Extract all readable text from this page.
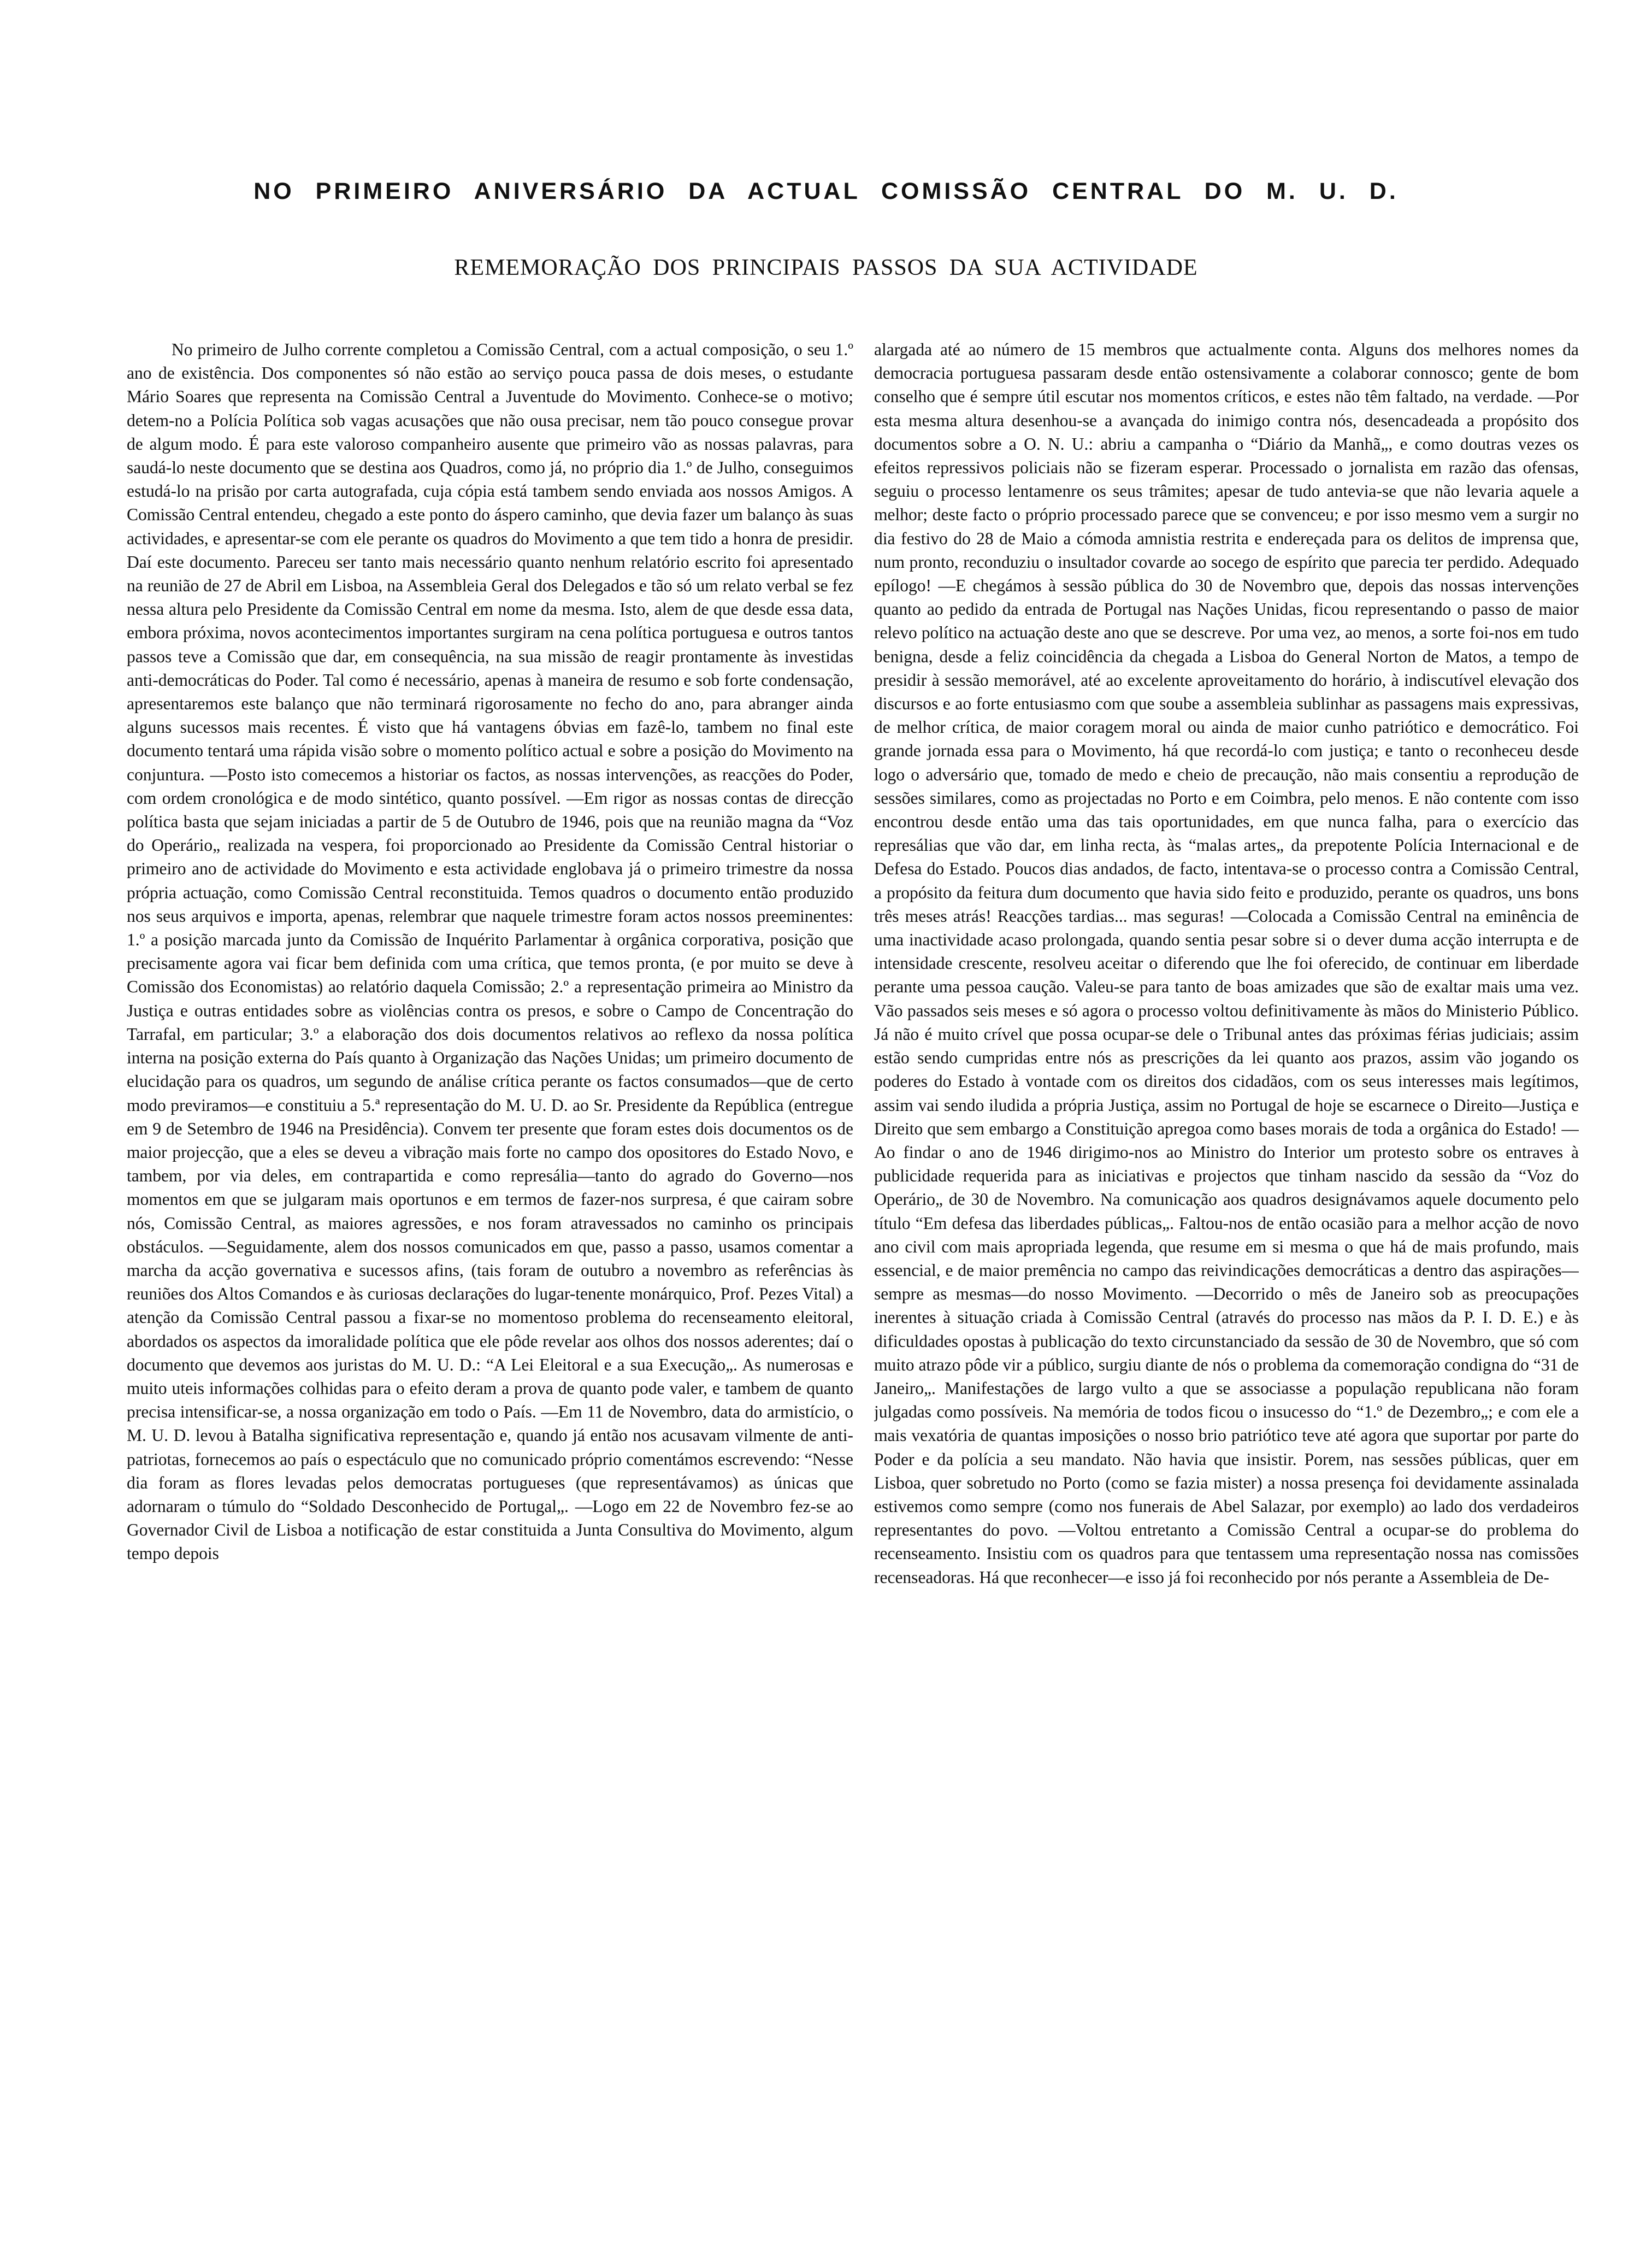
NO PRIMEIRO ANIVERSÁRIO DA ACTUAL COMISSÃO CENTRAL DO M. U. D.
REMEMORAÇÃO DOS PRINCIPAIS PASSOS DA SUA ACTIVIDADE

No primeiro de Julho corrente completou a Comissão Central, com a actual composição, o seu 1.º ano de existência. Dos componentes só não estão ao serviço pouca passa de dois meses, o estudante Mário Soares que representa na Comissão Central a Juventude do Movimento. Conhece-se o motivo; detem-no a Polícia Política sob vagas acusações que não ousa precisar, nem tão pouco consegue provar de algum modo. É para este valoroso companheiro ausente que primeiro vão as nossas palavras, para saudá-lo neste documento que se destina aos Quadros, como já, no próprio dia 1.º de Julho, conseguimos estudá-lo na prisão por carta autografada, cuja cópia está tambem sendo enviada aos nossos Amigos. A Comissão Central entendeu, chegado a este ponto do áspero caminho, que devia fazer um balanço às suas actividades, e apresentar-se com ele perante os quadros do Movimento a que tem tido a honra de presidir. Daí este documento. Pareceu ser tanto mais necessário quanto nenhum relatório escrito foi apresentado na reunião de 27 de Abril em Lisboa, na Assembleia Geral dos Delegados e tão só um relato verbal se fez nessa altura pelo Presidente da Comissão Central em nome da mesma. Isto, alem de que desde essa data, embora próxima, novos acontecimentos importantes surgiram na cena política portuguesa e outros tantos passos teve a Comissão que dar, em consequência, na sua missão de reagir prontamente às investidas anti-democráticas do Poder. Tal como é necessário, apenas à maneira de resumo e sob forte condensação, apresentaremos este balanço que não terminará rigorosamente no fecho do ano, para abranger ainda alguns sucessos mais recentes. É visto que há vantagens óbvias em fazê-lo, tambem no final este documento tentará uma rápida visão sobre o momento político actual e sobre a posição do Movimento na conjuntura. —Posto isto comecemos a historiar os factos, as nossas intervenções, as reacções do Poder, com ordem cronológica e de modo sintético, quanto possível. —Em rigor as nossas contas de direcção política basta que sejam iniciadas a partir de 5 de Outubro de 1946, pois que na reunião magna da “Voz do Operário„ realizada na vespera, foi proporcionado ao Presidente da Comissão Central historiar o primeiro ano de actividade do Movimento e esta actividade englobava já o primeiro trimestre da nossa própria actuação, como Comissão Central reconstituida. Temos quadros o documento então produzido nos seus arquivos e importa, apenas, relembrar que naquele trimestre foram actos nossos preeminentes: 1.º a posição marcada junto da Comissão de Inquérito Parlamentar à orgânica corporativa, posição que precisamente agora vai ficar bem definida com uma crítica, que temos pronta, (e por muito se deve à Comissão dos Economistas) ao relatório daquela Comissão; 2.º a representação primeira ao Ministro da Justiça e outras entidades sobre as violências contra os presos, e sobre o Campo de Concentração do Tarrafal, em particular; 3.º a elaboração dos dois documentos relativos ao reflexo da nossa política interna na posição externa do País quanto à Organização das Nações Unidas; um primeiro documento de elucidação para os quadros, um segundo de análise crítica perante os factos consumados—que de certo modo previramos—e constituiu a 5.ª representação do M. U. D. ao Sr. Presidente da República (entregue em 9 de Setembro de 1946 na Presidência). Convem ter presente que foram estes dois documentos os de maior projecção, que a eles se deveu a vibração mais forte no campo dos opositores do Estado Novo, e tambem, por via deles, em contrapartida e como represália—tanto do agrado do Governo—nos momentos em que se julgaram mais oportunos e em termos de fazer-nos surpresa, é que cairam sobre nós, Comissão Central, as maiores agressões, e nos foram atravessados no caminho os principais obstáculos. —Seguidamente, alem dos nossos comunicados em que, passo a passo, usamos comentar a marcha da acção governativa e sucessos afins, (tais foram de outubro a novembro as referências às reuniões dos Altos Comandos e às curiosas declarações do lugar-tenente monárquico, Prof. Pezes Vital) a atenção da Comissão Central passou a fixar-se no momentoso problema do recenseamento eleitoral, abordados os aspectos da imoralidade política que ele pôde revelar aos olhos dos nossos aderentes; daí o documento que devemos aos juristas do M. U. D.: “A Lei Eleitoral e a sua Execução„. As numerosas e muito uteis informações colhidas para o efeito deram a prova de quanto pode valer, e tambem de quanto precisa intensificar-se, a nossa organização em todo o País. —Em 11 de Novembro, data do armistício, o M. U. D. levou à Batalha significativa representação e, quando já então nos acusavam vilmente de anti-patriotas, fornecemos ao país o espectáculo que no comunicado próprio comentámos escrevendo: “Nesse dia foram as flores levadas pelos democratas portugueses (que representávamos) as únicas que adornaram o túmulo do “Soldado Desconhecido de Portugal„. —Logo em 22 de Novembro fez-se ao Governador Civil de Lisboa a notificação de estar constituida a Junta Consultiva do Movimento, algum tempo depois

alargada até ao número de 15 membros que actualmente conta. Alguns dos melhores nomes da democracia portuguesa passaram desde então ostensivamente a colaborar connosco; gente de bom conselho que é sempre útil escutar nos momentos críticos, e estes não têm faltado, na verdade. —Por esta mesma altura desenhou-se a avançada do inimigo contra nós, desencadeada a propósito dos documentos sobre a O. N. U.: abriu a campanha o “Diário da Manhã„, e como doutras vezes os efeitos repressivos policiais não se fizeram esperar. Processado o jornalista em razão das ofensas, seguiu o processo lentamenre os seus trâmites; apesar de tudo antevia-se que não levaria aquele a melhor; deste facto o próprio processado parece que se convenceu; e por isso mesmo vem a surgir no dia festivo do 28 de Maio a cómoda amnistia restrita e endereçada para os delitos de imprensa que, num pronto, reconduziu o insultador covarde ao socego de espírito que parecia ter perdido. Adequado epílogo! —E chegámos à sessão pública do 30 de Novembro que, depois das nossas intervenções quanto ao pedido da entrada de Portugal nas Nações Unidas, ficou representando o passo de maior relevo político na actuação deste ano que se descreve. Por uma vez, ao menos, a sorte foi-nos em tudo benigna, desde a feliz coincidência da chegada a Lisboa do General Norton de Matos, a tempo de presidir à sessão memorável, até ao excelente aproveitamento do horário, à indiscutível elevação dos discursos e ao forte entusiasmo com que soube a assembleia sublinhar as passagens mais expressivas, de melhor crítica, de maior coragem moral ou ainda de maior cunho patriótico e democrático. Foi grande jornada essa para o Movimento, há que recordá-lo com justiça; e tanto o reconheceu desde logo o adversário que, tomado de medo e cheio de precaução, não mais consentiu a reprodução de sessões similares, como as projectadas no Porto e em Coimbra, pelo menos. E não contente com isso encontrou desde então uma das tais oportunidades, em que nunca falha, para o exercício das represálias que vão dar, em linha recta, às “malas artes„ da prepotente Polícia Internacional e de Defesa do Estado. Poucos dias andados, de facto, intentava-se o processo contra a Comissão Central, a propósito da feitura dum documento que havia sido feito e produzido, perante os quadros, uns bons três meses atrás! Reacções tardias... mas seguras! —Colocada a Comissão Central na eminência de uma inactividade acaso prolongada, quando sentia pesar sobre si o dever duma acção interrupta e de intensidade crescente, resolveu aceitar o diferendo que lhe foi oferecido, de continuar em liberdade perante uma pessoa caução. Valeu-se para tanto de boas amizades que são de exaltar mais uma vez. Vão passados seis meses e só agora o processo voltou definitivamente às mãos do Ministerio Público. Já não é muito crível que possa ocupar-se dele o Tribunal antes das próximas férias judiciais; assim estão sendo cumpridas entre nós as prescrições da lei quanto aos prazos, assim vão jogando os poderes do Estado à vontade com os direitos dos cidadãos, com os seus interesses mais legítimos, assim vai sendo iludida a própria Justiça, assim no Portugal de hoje se escarnece o Direito—Justiça e Direito que sem embargo a Constituição apregoa como bases morais de toda a orgânica do Estado! —Ao findar o ano de 1946 dirigimo-nos ao Ministro do Interior um protesto sobre os entraves à publicidade requerida para as iniciativas e projectos que tinham nascido da sessão da “Voz do Operário„ de 30 de Novembro. Na comunicação aos quadros designávamos aquele documento pelo título “Em defesa das liberdades públicas„. Faltou-nos de então ocasião para a melhor acção de novo ano civil com mais apropriada legenda, que resume em si mesma o que há de mais profundo, mais essencial, e de maior premência no campo das reivindicações democráticas a dentro das aspirações—sempre as mesmas—do nosso Movimento. —Decorrido o mês de Janeiro sob as preocupações inerentes à situação criada à Comissão Central (através do processo nas mãos da P. I. D. E.) e às dificuldades opostas à publicação do texto circunstanciado da sessão de 30 de Novembro, que só com muito atrazo pôde vir a público, surgiu diante de nós o problema da comemoração condigna do “31 de Janeiro„. Manifestações de largo vulto a que se associasse a população republicana não foram julgadas como possíveis. Na memória de todos ficou o insucesso do “1.º de Dezembro„; e com ele a mais vexatória de quantas imposições o nosso brio patriótico teve até agora que suportar por parte do Poder e da polícia a seu mandato. Não havia que insistir. Porem, nas sessões públicas, quer em Lisboa, quer sobretudo no Porto (como se fazia mister) a nossa presença foi devidamente assinalada estivemos como sempre (como nos funerais de Abel Salazar, por exemplo) ao lado dos verdadeiros representantes do povo. —Voltou entretanto a Comissão Central a ocupar-se do problema do recenseamento. Insistiu com os quadros para que tentassem uma representação nossa nas comissões recenseadoras. Há que reconhecer—e isso já foi reconhecido por nós perante a Assembleia de De-
